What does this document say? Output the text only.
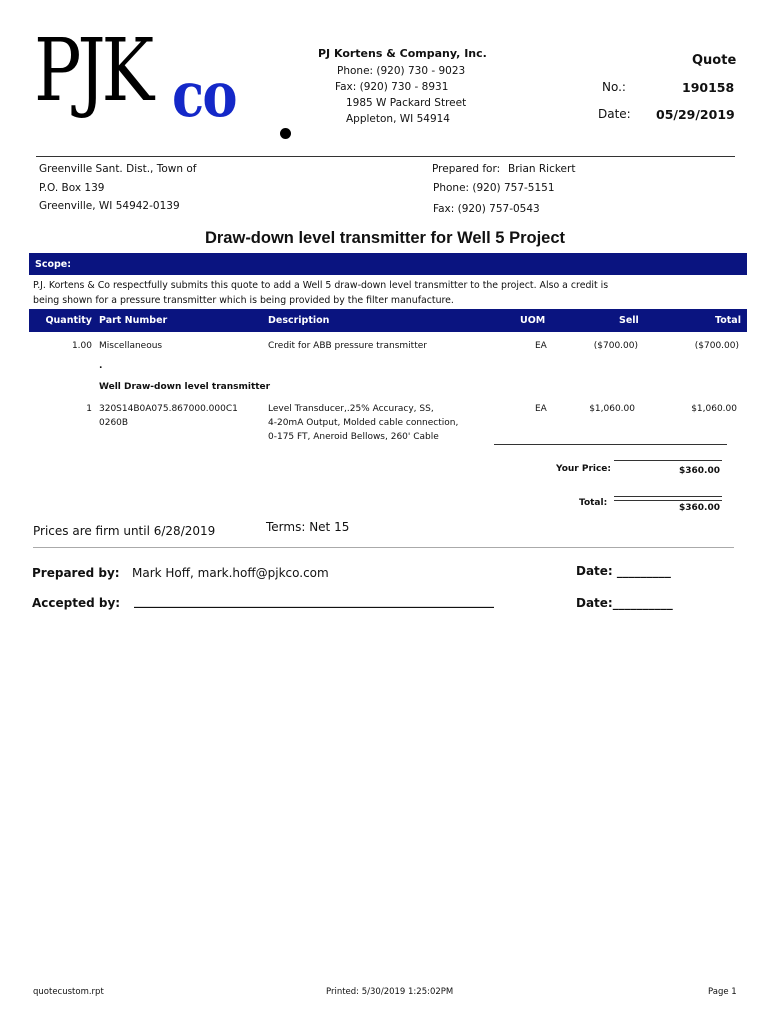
PJK co
PJ Kortens & Company, Inc.
Phone: (920) 730 - 9023
Fax: (920) 730 - 8931
1985 W Packard Street
Appleton, WI 54914
Quote
No.:	190158
Date: 05/29/2019
Greenville Sant. Dist., Town of
P.O. Box 139
Greenville, WI 54942-0139
Prepared for: Brian Rickert
Phone: (920) 757-5151
Fax: (920) 757-0543
Draw-down level transmitter for Well 5 Project
Scope:
P.J. Kortens & Co respectfully submits this quote to add a Well 5 draw-down level transmitter to the project. Also a credit is
being shown for a pressure transmitter which is being provided by the filter manufacture.
Quantity Part Number	Description	UOM	Sell	Total
1.00 Miscellaneous	Credit for ABB pressure transmitter	EA	($700.00)	($700.00)
.
Well Draw-down level transmitter
1 320S14B0A075.867000.000C1
0260B
Level Transducer,.25% Accuracy, SS,
4-20mA Output, Molded cable connection,
0-175 FT, Aneroid Bellows, 260' Cable
EA	$1,060.00	$1,060.00
Your Price:	$360.00
Total:	$360.00
Prices are firm until 6/28/2019	Terms: Net 15
Prepared by: Mark Hoff, mark.hoff@pjkco.com	Date: _________
Accepted by: ____________________________________________________________	Date:__________
quotecustom.rpt	Printed: 5/30/2019 1:25:02PM	Page 1
